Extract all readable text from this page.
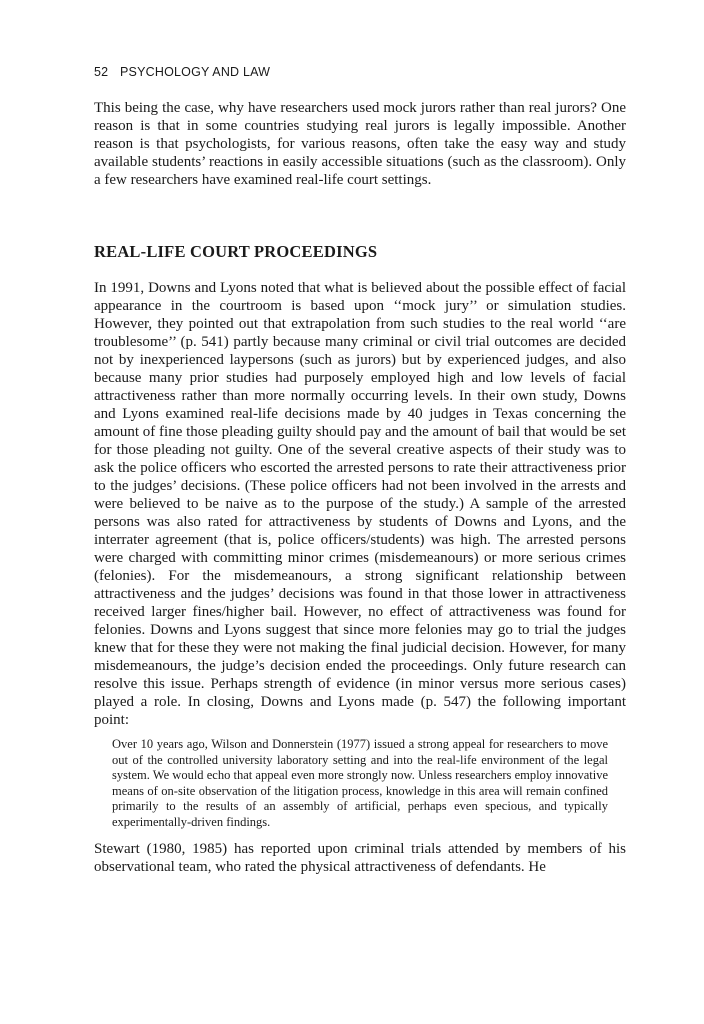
52 PSYCHOLOGY AND LAW

This being the case, why have researchers used mock jurors rather than real jurors? One reason is that in some countries studying real jurors is legally impossible. Another reason is that psychologists, for various reasons, often take the easy way and study available students’ reactions in easily accessible situations (such as the classroom). Only a few researchers have examined real-life court settings.

REAL-LIFE COURT PROCEEDINGS

In 1991, Downs and Lyons noted that what is believed about the possible effect of facial appearance in the courtroom is based upon ‘‘mock jury’’ or simulation studies. However, they pointed out that extrapolation from such studies to the real world ‘‘are troublesome’’ (p. 541) partly because many criminal or civil trial outcomes are decided not by inexperienced laypersons (such as jurors) but by experienced judges, and also because many prior studies had purposely employed high and low levels of facial attractiveness rather than more normally occurring levels. In their own study, Downs and Lyons examined real-life decisions made by 40 judges in Texas concerning the amount of fine those pleading guilty should pay and the amount of bail that would be set for those pleading not guilty. One of the several creative aspects of their study was to ask the police officers who escorted the arrested persons to rate their attractiveness prior to the judges’ decisions. (These police officers had not been involved in the arrests and were believed to be naive as to the purpose of the study.) A sample of the arrested persons was also rated for attractiveness by students of Downs and Lyons, and the interrater agreement (that is, police officers/students) was high. The arrested persons were charged with committing minor crimes (misdemeanours) or more serious crimes (felonies). For the misdemeanours, a strong significant relationship between attractiveness and the judges’ decisions was found in that those lower in attractiveness received larger fines/higher bail. However, no effect of attractiveness was found for felonies. Downs and Lyons suggest that since more felonies may go to trial the judges knew that for these they were not making the final judicial decision. However, for many misdemeanours, the judge’s decision ended the proceedings. Only future research can resolve this issue. Perhaps strength of evidence (in minor versus more serious cases) played a role. In closing, Downs and Lyons made (p. 547) the following important point:

Over 10 years ago, Wilson and Donnerstein (1977) issued a strong appeal for researchers to move out of the controlled university laboratory setting and into the real-life environment of the legal system. We would echo that appeal even more strongly now. Unless researchers employ innovative means of on-site observation of the litigation process, knowledge in this area will remain confined primarily to the results of an assembly of artificial, perhaps even specious, and typically experimentally-driven findings.

Stewart (1980, 1985) has reported upon criminal trials attended by members of his observational team, who rated the physical attractiveness of defendants. He
